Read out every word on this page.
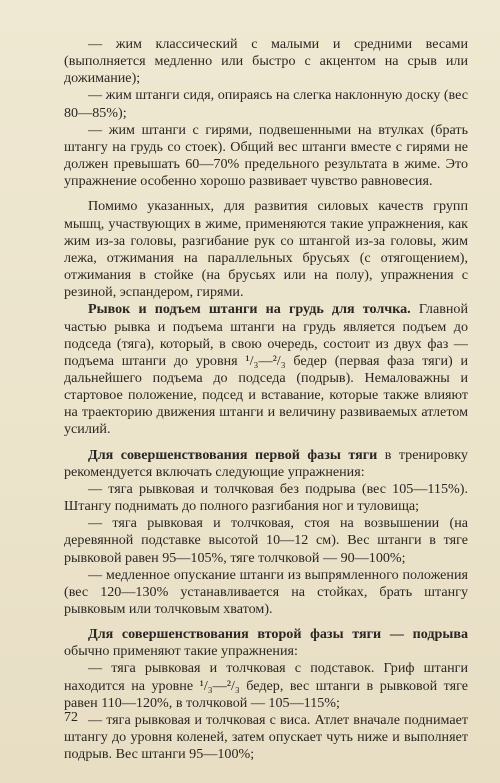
— жим классический с малыми и средними весами (выполняется медленно или быстро с акцентом на срыв или дожимание);

— жим штанги сидя, опираясь на слегка наклонную доску (вес 80—85%);

— жим штанги с гирями, подвешенными на втулках (брать штангу на грудь со стоек). Общий вес штанги вместе с гирями не должен превышать 60—70% предельного результата в жиме. Это упражнение особенно хорошо развивает чувство равновесия.

Помимо указанных, для развития силовых качеств групп мышц, участвующих в жиме, применяются такие упражнения, как жим из-за головы, разгибание рук со штангой из-за головы, жим лежа, отжимания на параллельных брусьях (с отягощением), отжимания в стойке (на брусьях или на полу), упражнения с резиной, эспандером, гирями.

Рывок и подъем штанги на грудь для толчка. Главной частью рывка и подъема штанги на грудь является подъем до подседа (тяга), который, в свою очередь, состоит из двух фаз — подъема штанги до уровня ¹/₃—²/₃ бедер (первая фаза тяги) и дальнейшего подъема до подседа (подрыв). Немаловажны и стартовое положение, подсед и вставание, которые также влияют на траекторию движения штанги и величину развиваемых атлетом усилий.

Для совершенствования первой фазы тяги в тренировку рекомендуется включать следующие упражнения:

— тяга рывковая и толчковая без подрыва (вес 105—115%). Штангу поднимать до полного разгибания ног и туловища;

— тяга рывковая и толчковая, стоя на возвышении (на деревянной подставке высотой 10—12 см). Вес штанги в тяге рывковой равен 95—105%, тяге толчковой — 90—100%;

— медленное опускание штанги из выпрямленного положения (вес 120—130% устанавливается на стойках, брать штангу рывковым или толчковым хватом).

Для совершенствования второй фазы тяги — подрыва обычно применяют такие упражнения:

— тяга рывковая и толчковая с подставок. Гриф штанги находится на уровне ¹/₃—²/₃ бедер, вес штанги в рывковой тяге равен 110—120%, в толчковой — 105—115%;

— тяга рывковая и толчковая с виса. Атлет вначале поднимает штангу до уровня коленей, затем опускает чуть ниже и выполняет подрыв. Вес штанги 95—100%;

72
